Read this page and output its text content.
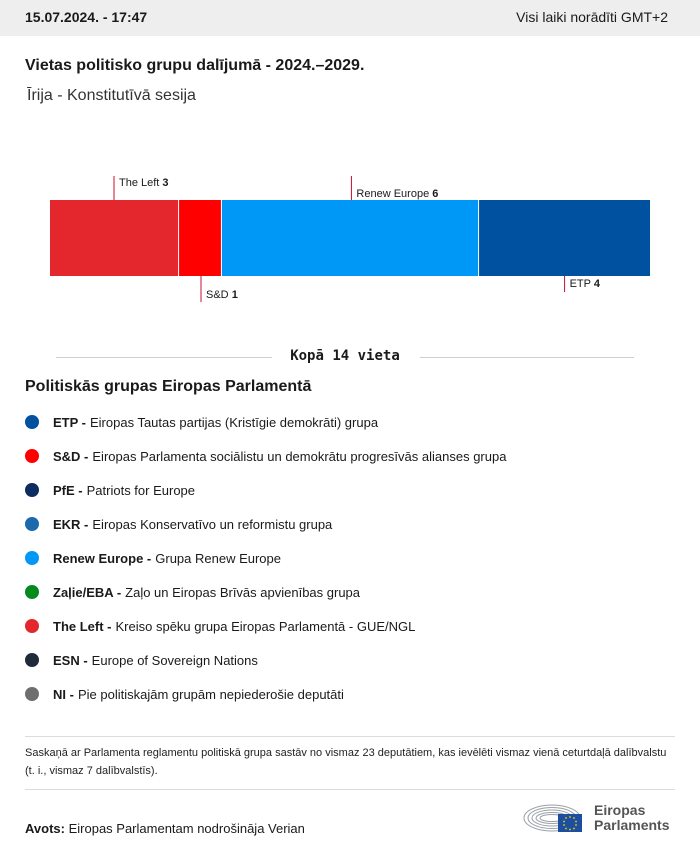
15.07.2024. - 17:47	Visi laiki norādīti GMT+2
Vietas politisko grupu dalījumā - 2024.–2029.
Īrija - Konstitutīvā sesija
The Left 3
S&D 1
Renew Europe 6
ETP 4
Kopā 14 vieta
Politiskās grupas Eiropas Parlamentā
ETP - Eiropas Tautas partijas (Kristīgie demokrāti) grupa
S&D - Eiropas Parlamenta sociālistu un demokrātu progresīvās alianses grupa
PfE - Patriots for Europe
EKR - Eiropas Konservatīvo un reformistu grupa
Renew Europe - Grupa Renew Europe
Zaļie/EBA - Zaļo un Eiropas Brīvās apvienības grupa
The Left - Kreiso spēku grupa Eiropas Parlamentā - GUE/NGL
ESN - Europe of Sovereign Nations
NI - Pie politiskajām grupām nepiederošie deputāti
Saskaņā ar Parlamenta reglamentu politiskā grupa sastāv no vismaz 23 deputātiem, kas ievēlēti vismaz vienā ceturtdaļā dalībvalstu (t. i., vismaz 7 dalībvalstīs).
Avots: Eiropas Parlamentam nodrošināja Verian
Eiropas
Parlaments
